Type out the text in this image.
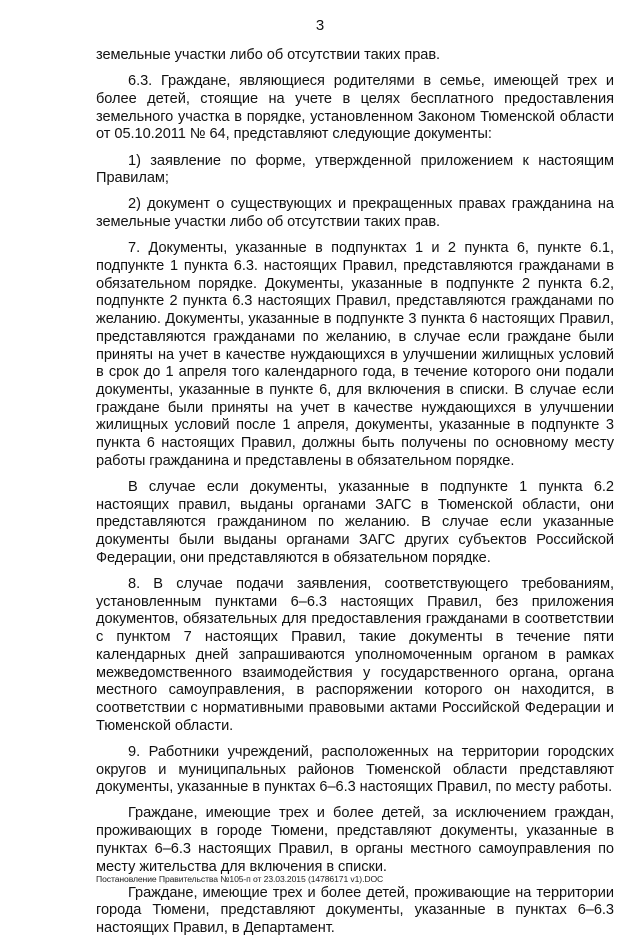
3

земельные участки либо об отсутствии таких прав.

6.3. Граждане, являющиеся родителями в семье, имеющей трех и более детей, стоящие на учете в целях бесплатного предоставления земельного участка в порядке, установленном Законом Тюменской области от 05.10.2011 № 64, представляют следующие документы:

1) заявление по форме, утвержденной приложением к настоящим Правилам;

2) документ о существующих и прекращенных правах гражданина на земельные участки либо об отсутствии таких прав.

7. Документы, указанные в подпунктах 1 и 2 пункта 6, пункте 6.1, подпункте 1 пункта 6.3. настоящих Правил, представляются гражданами в обязательном порядке. Документы, указанные в подпункте 2 пункта 6.2, подпункте 2 пункта 6.3 настоящих Правил, представляются гражданами по желанию. Документы, указанные в подпункте 3 пункта 6 настоящих Правил, представляются гражданами по желанию, в случае если граждане были приняты на учет в качестве нуждающихся в улучшении жилищных условий в срок до 1 апреля того календарного года, в течение которого они подали документы, указанные в пункте 6, для включения в списки. В случае если граждане были приняты на учет в качестве нуждающихся в улучшении жилищных условий после 1 апреля, документы, указанные в подпункте 3 пункта 6 настоящих Правил, должны быть получены по основному месту работы гражданина и представлены в обязательном порядке.

В случае если документы, указанные в подпункте 1 пункта 6.2 настоящих правил, выданы органами ЗАГС в Тюменской области, они представляются гражданином по желанию. В случае если указанные документы были выданы органами ЗАГС других субъектов Российской Федерации, они представляются в обязательном порядке.

8. В случае подачи заявления, соответствующего требованиям, установленным пунктами 6–6.3 настоящих Правил, без приложения документов, обязательных для предоставления гражданами в соответствии с пунктом 7 настоящих Правил, такие документы в течение пяти календарных дней запрашиваются уполномоченным органом в рамках межведомственного взаимодействия у государственного органа, органа местного самоуправления, в распоряжении которого он находится, в соответствии с нормативными правовыми актами Российской Федерации и Тюменской области.

9. Работники учреждений, расположенных на территории городских округов и муниципальных районов Тюменской области представляют документы, указанные в пунктах 6–6.3 настоящих Правил, по месту работы.

Граждане, имеющие трех и более детей, за исключением граждан, проживающих в городе Тюмени, представляют документы, указанные в пунктах 6–6.3 настоящих Правил, в органы местного самоуправления по месту жительства для включения в списки.

Граждане, имеющие трех и более детей, проживающие на территории города Тюмени, представляют документы, указанные в пунктах 6–6.3 настоящих Правил, в Департамент.

Постановление Правительства №105-п от 23.03.2015 (14786171 v1).DOC
